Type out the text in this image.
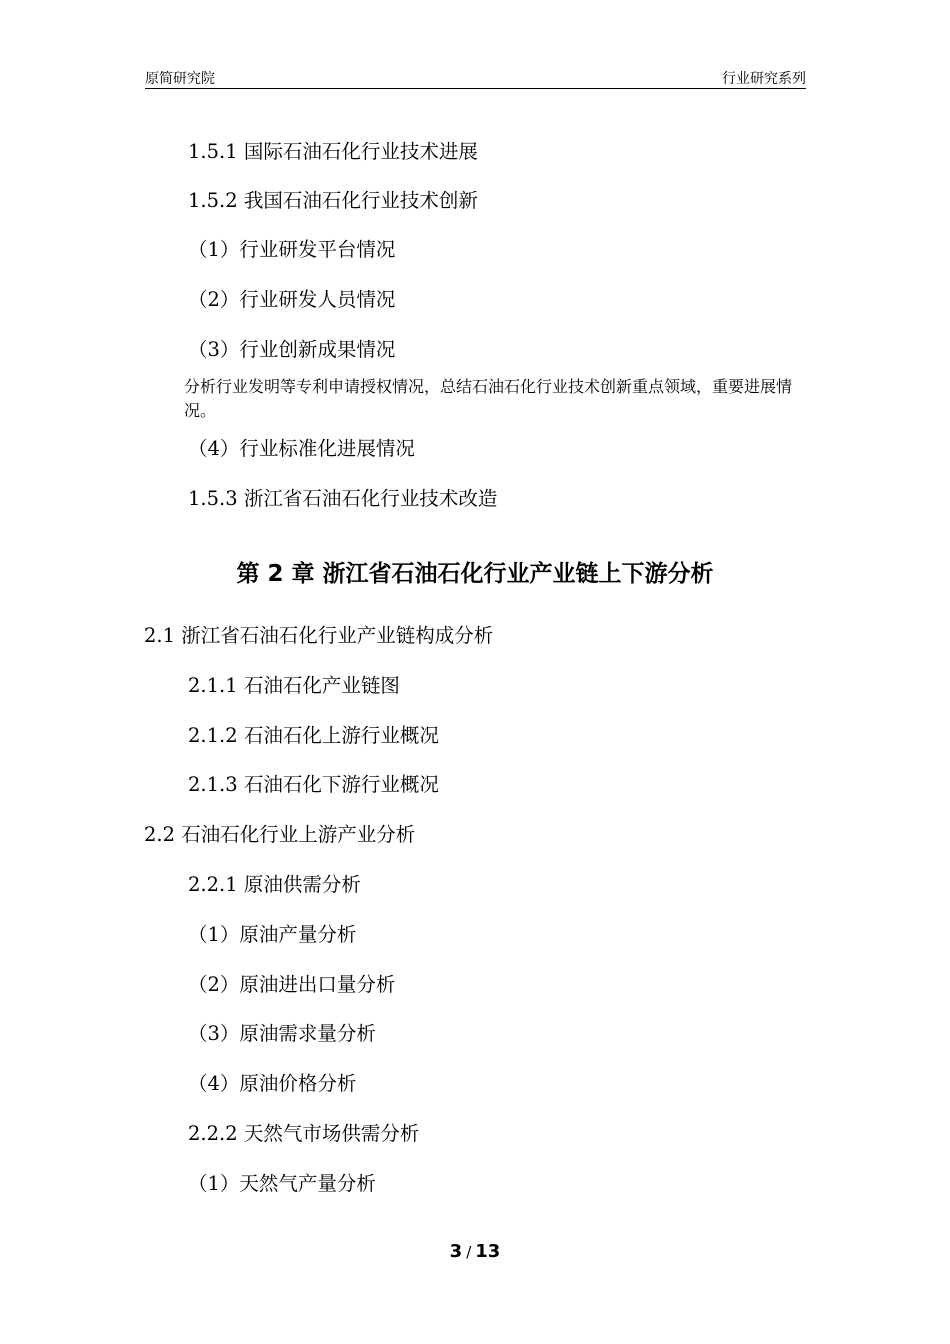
原简研究院	行业研究系列
1.5.1 国际石油石化行业技术进展
1.5.2 我国石油石化行业技术创新
（1）行业研发平台情况
（2）行业研发人员情况
（3）行业创新成果情况
分析行业发明等专利申请授权情况，总结石油石化行业技术创新重点领域，重要进展情况。
（4）行业标准化进展情况
1.5.3 浙江省石油石化行业技术改造
第 2 章 浙江省石油石化行业产业链上下游分析
2.1 浙江省石油石化行业产业链构成分析
2.1.1 石油石化产业链图
2.1.2 石油石化上游行业概况
2.1.3 石油石化下游行业概况
2.2 石油石化行业上游产业分析
2.2.1 原油供需分析
（1）原油产量分析
（2）原油进出口量分析
（3）原油需求量分析
（4）原油价格分析
2.2.2 天然气市场供需分析
（1）天然气产量分析
3 / 13
